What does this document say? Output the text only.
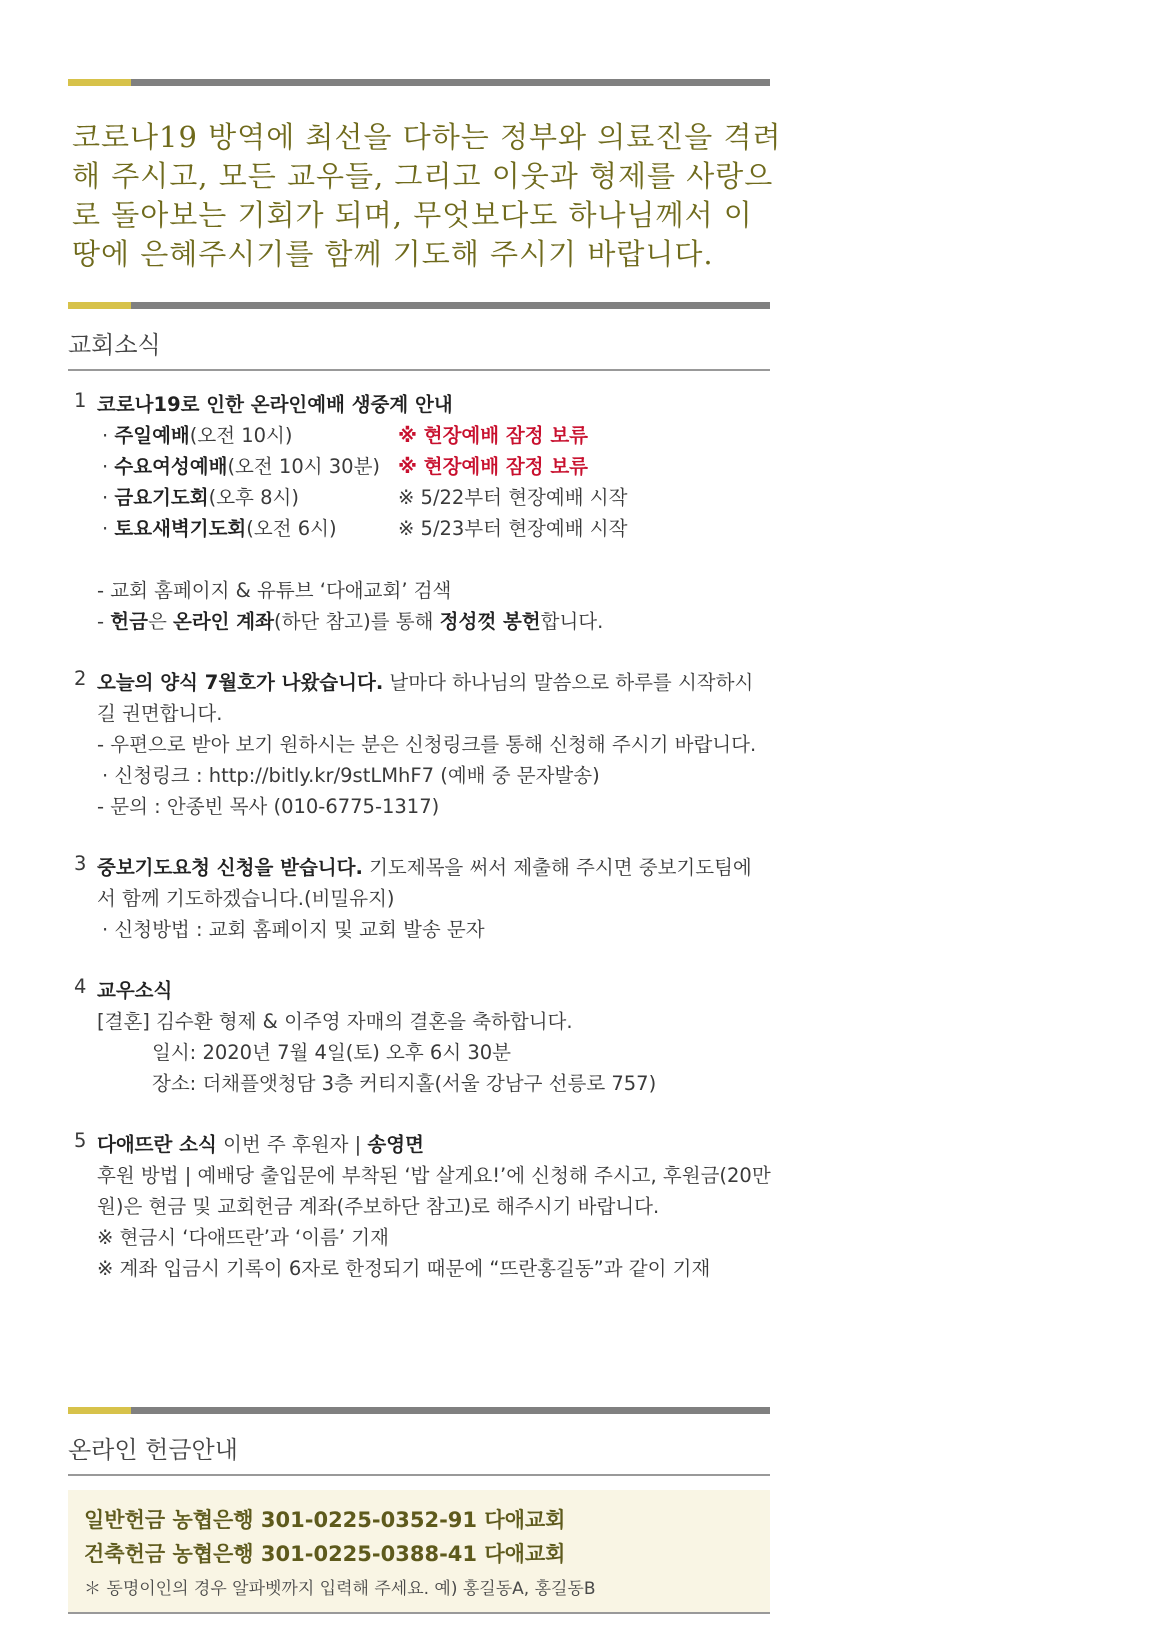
코로나19 방역에 최선을 다하는 정부와 의료진을 격려
해 주시고, 모든 교우들, 그리고 이웃과 형제를 사랑으
로 돌아보는 기회가 되며, 무엇보다도 하나님께서 이
땅에 은혜주시기를 함께 기도해 주시기 바랍니다.
교회소식
1 코로나19로 인한 온라인예배 생중계 안내
· 주일예배(오전 10시)	※ 현장예배 잠정 보류
· 수요여성예배(오전 10시 30분) ※ 현장예배 잠정 보류
· 금요기도회(오후 8시)	※ 5/22부터 현장예배 시작
· 토요새벽기도회(오전 6시)	※ 5/23부터 현장예배 시작
- 교회 홈페이지 & 유튜브 ‘다애교회’ 검색
- 헌금은 온라인 계좌(하단 참고)를 통해 정성껏 봉헌합니다.
2 오늘의 양식 7월호가 나왔습니다. 날마다 하나님의 말씀으로 하루를 시작하시
길 권면합니다.
- 우편으로 받아 보기 원하시는 분은 신청링크를 통해 신청해 주시기 바랍니다.
· 신청링크 : http://bitly.kr/9stLMhF7 (예배 중 문자발송)
- 문의 : 안종빈 목사 (010-6775-1317)
3 중보기도요청 신청을 받습니다. 기도제목을 써서 제출해 주시면 중보기도팀에
서 함께 기도하겠습니다.(비밀유지)
· 신청방법 : 교회 홈페이지 및 교회 발송 문자
4 교우소식
[결혼] 김수환 형제 & 이주영 자매의 결혼을 축하합니다.
일시: 2020년 7월 4일(토) 오후 6시 30분
장소: 더채플앳청담 3층 커티지홀(서울 강남구 선릉로 757)
5 다애뜨란 소식 이번 주 후원자 | 송영면
후원 방법 | 예배당 출입문에 부착된 ‘밥 살게요!’에 신청해 주시고, 후원금(20만
원)은 현금 및 교회헌금 계좌(주보하단 참고)로 해주시기 바랍니다.
※ 현금시 ‘다애뜨란’과 ‘이름’ 기재
※ 계좌 입금시 기록이 6자로 한정되기 때문에 “뜨란홍길동”과 같이 기재
온라인 헌금안내
일반헌금 농협은행 301-0225-0352-91 다애교회
건축헌금 농협은행 301-0225-0388-41 다애교회
＊ 동명이인의 경우 알파벳까지 입력해 주세요. 예) 홍길동A, 홍길동B
